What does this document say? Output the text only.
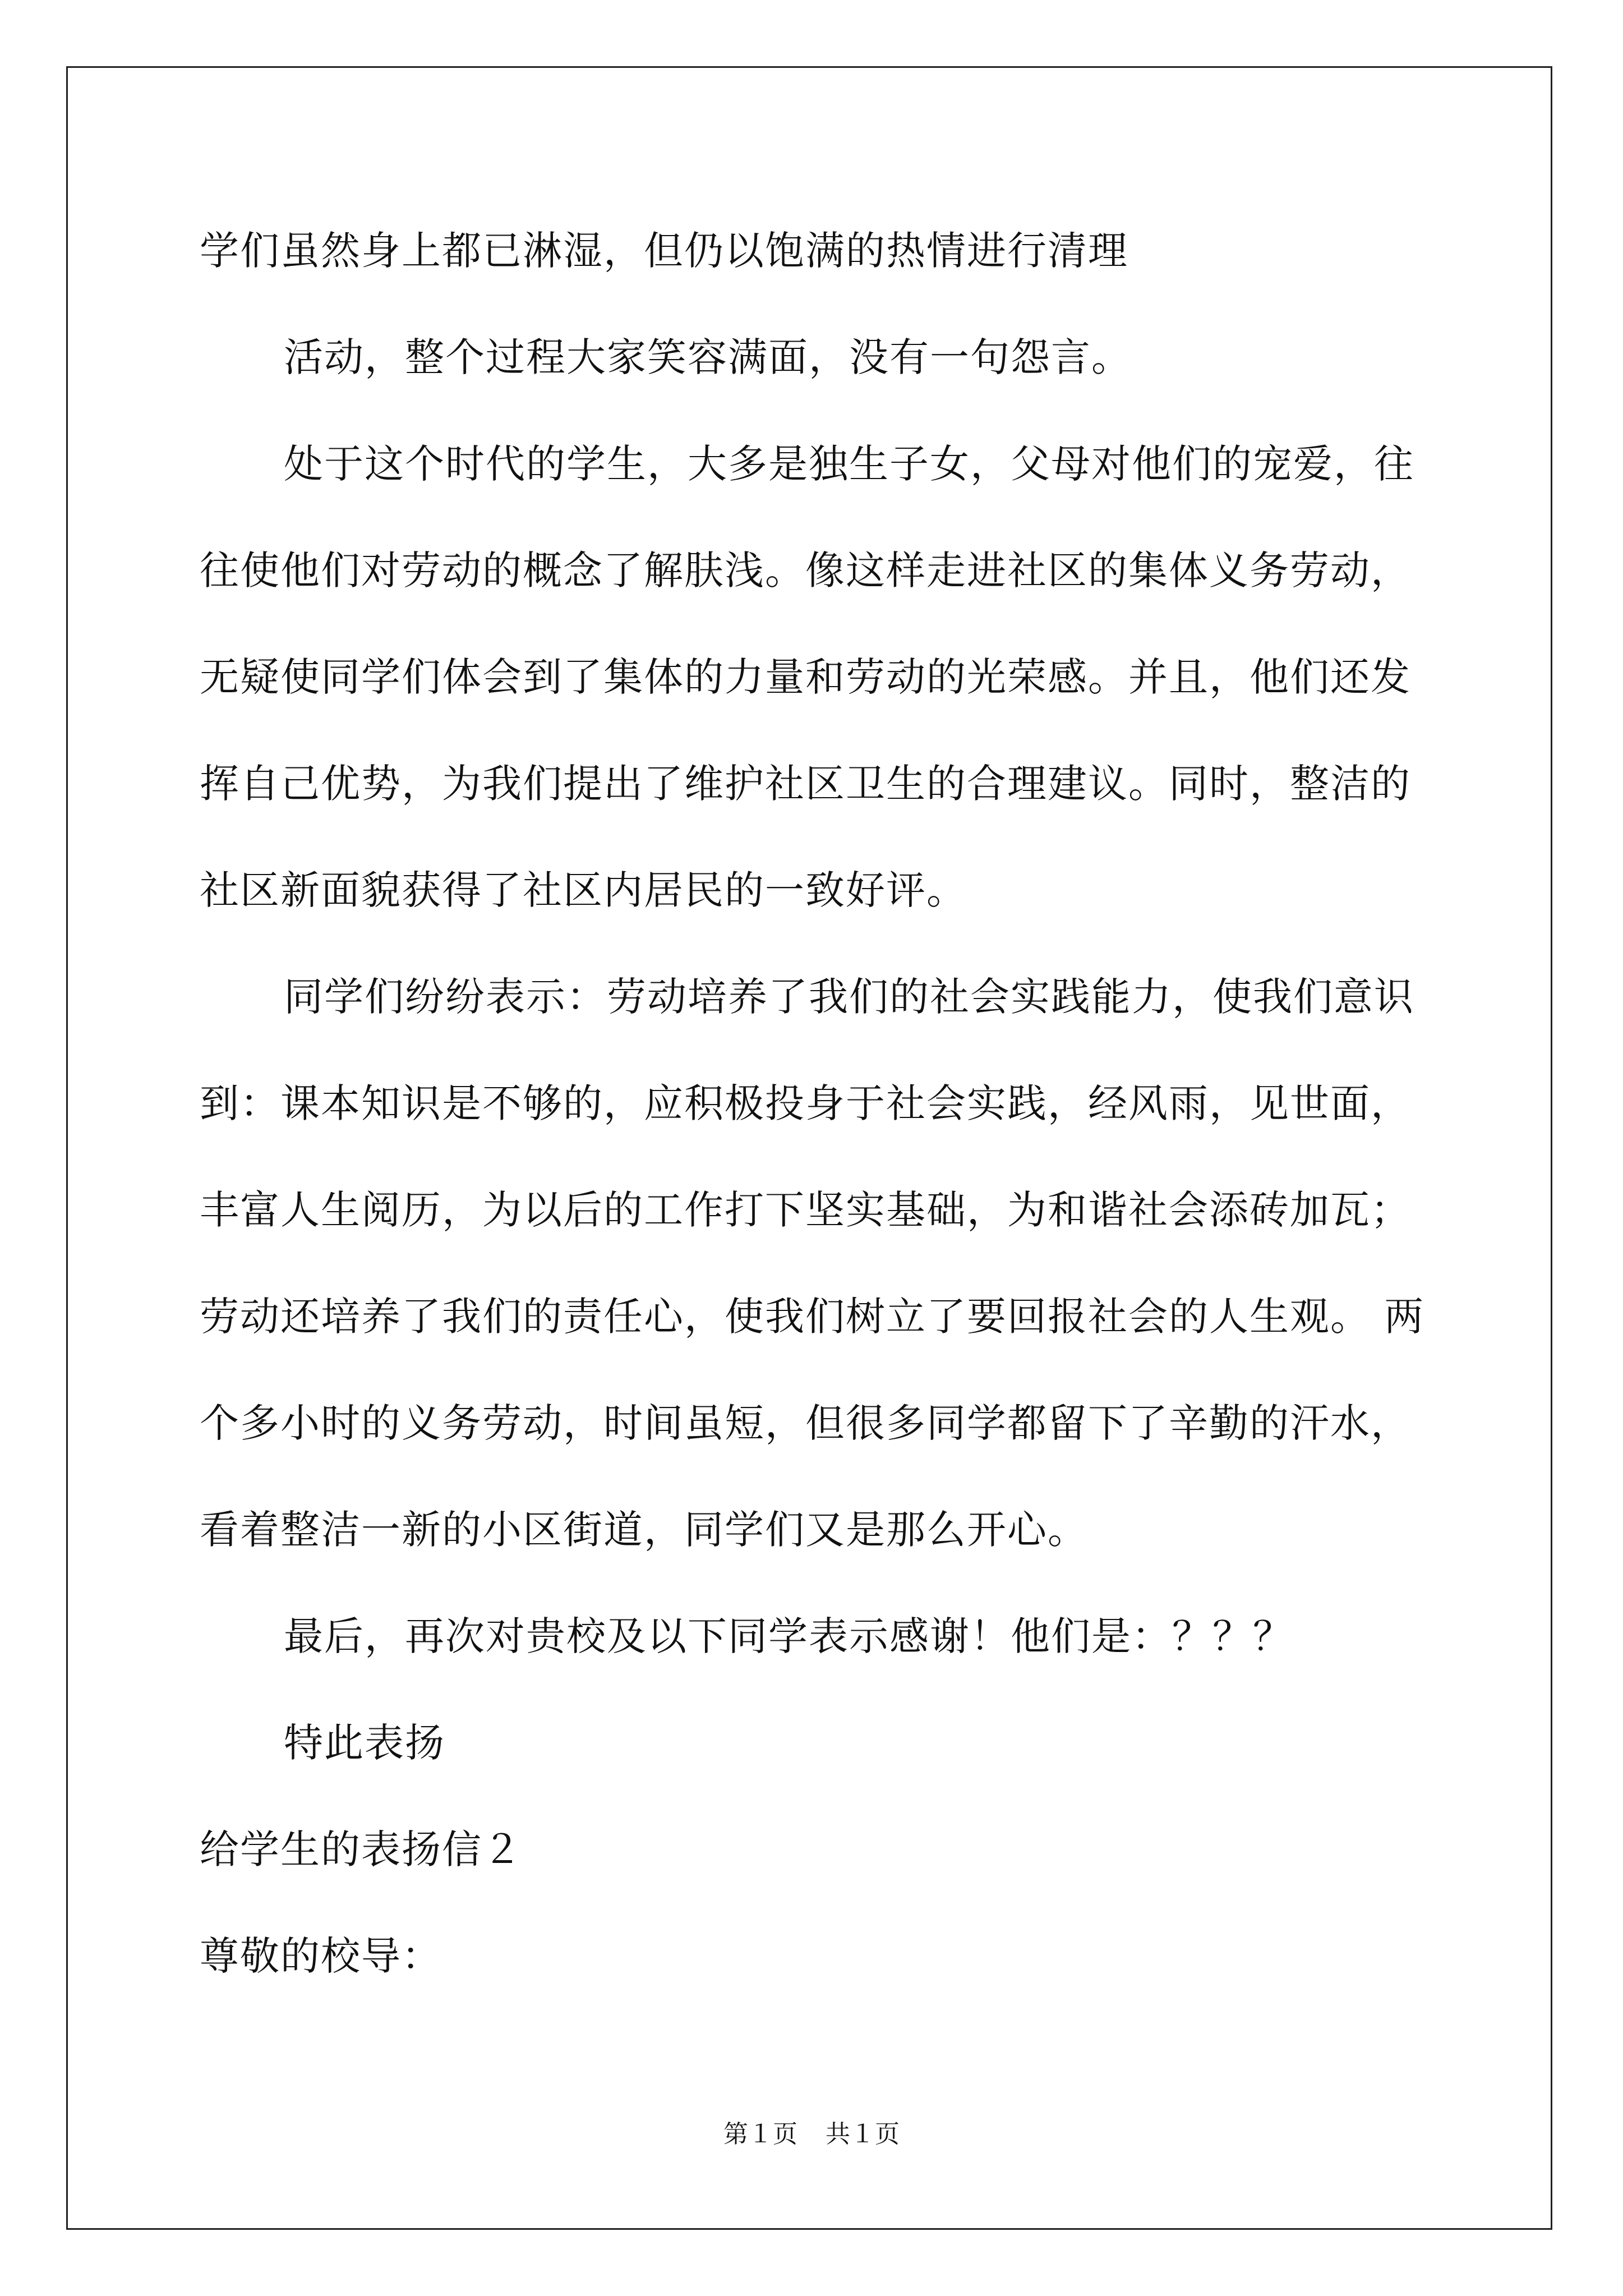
学们虽然身上都已淋湿，但仍以饱满的热情进行清理
活动，整个过程大家笑容满面，没有一句怨言。
处于这个时代的学生，大多是独生子女，父母对他们的宠爱，往
往使他们对劳动的概念了解肤浅。像这样走进社区的集体义务劳动，
无疑使同学们体会到了集体的力量和劳动的光荣感。并且，他们还发
挥自己优势，为我们提出了维护社区卫生的合理建议。同时，整洁的
社区新面貌获得了社区内居民的一致好评。
同学们纷纷表示：劳动培养了我们的社会实践能力，使我们意识
到：课本知识是不够的，应积极投身于社会实践，经风雨，见世面，
丰富人生阅历，为以后的工作打下坚实基础，为和谐社会添砖加瓦；
劳动还培养了我们的责任心，使我们树立了要回报社会的人生观。 两
个多小时的义务劳动，时间虽短，但很多同学都留下了辛勤的汗水，
看着整洁一新的小区街道，同学们又是那么开心。
最后，再次对贵校及以下同学表示感谢！他们是：？？？
特此表扬
给学生的表扬信２
尊敬的校导：
第１页 共１页
